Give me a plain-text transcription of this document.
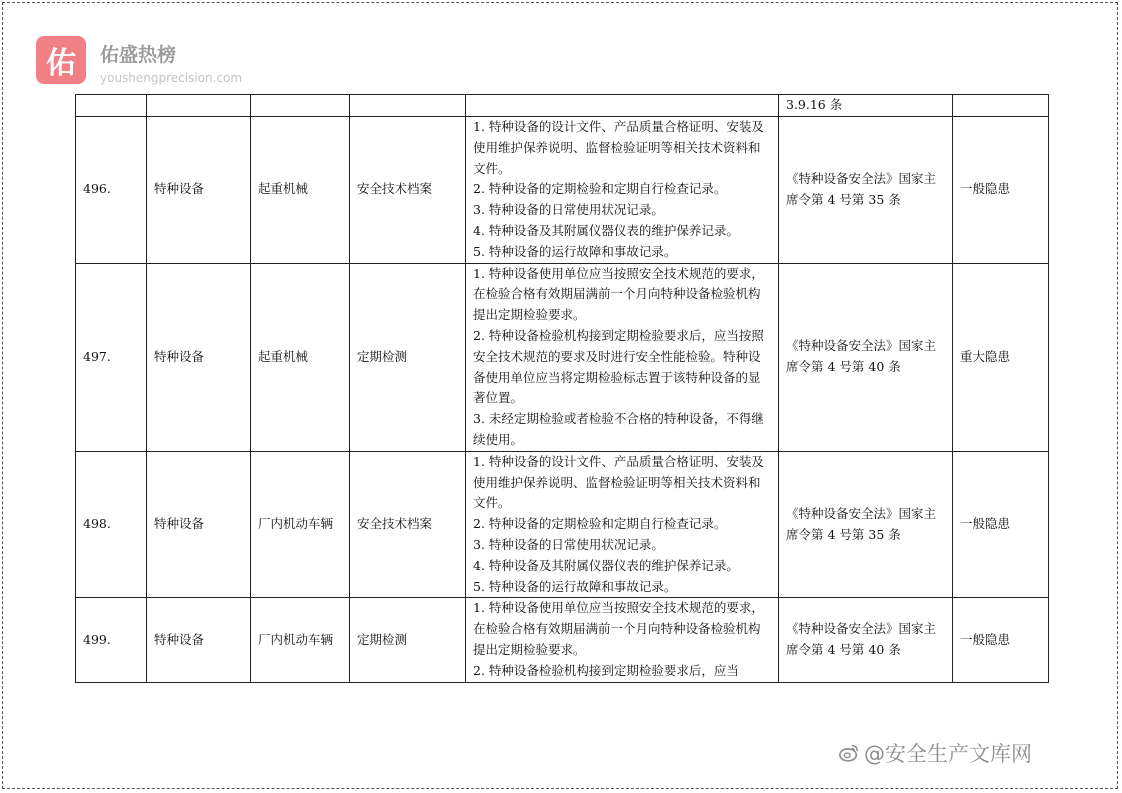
佑 佑盛热榜
youshengprecision.com
					3.9.16 条	
496.	特种设备	起重机械	安全技术档案	1. 特种设备的设计文件、产品质量合格证明、安装及使用维护保养说明、监督检验证明等相关技术资料和文件。
2. 特种设备的定期检验和定期自行检查记录。
3. 特种设备的日常使用状况记录。
4. 特种设备及其附属仪器仪表的维护保养记录。
5. 特种设备的运行故障和事故记录。	《特种设备安全法》国家主席令第 4 号第 35 条	一般隐患
497.	特种设备	起重机械	定期检测	1. 特种设备使用单位应当按照安全技术规范的要求，在检验合格有效期届满前一个月向特种设备检验机构提出定期检验要求。
2. 特种设备检验机构接到定期检验要求后，应当按照安全技术规范的要求及时进行安全性能检验。特种设备使用单位应当将定期检验标志置于该特种设备的显著位置。
3. 未经定期检验或者检验不合格的特种设备，不得继续使用。	《特种设备安全法》国家主席令第 4 号第 40 条	重大隐患
498.	特种设备	厂内机动车辆	安全技术档案	1. 特种设备的设计文件、产品质量合格证明、安装及使用维护保养说明、监督检验证明等相关技术资料和文件。
2. 特种设备的定期检验和定期自行检查记录。
3. 特种设备的日常使用状况记录。
4. 特种设备及其附属仪器仪表的维护保养记录。
5. 特种设备的运行故障和事故记录。	《特种设备安全法》国家主席令第 4 号第 35 条	一般隐患
499.	特种设备	厂内机动车辆	定期检测	1. 特种设备使用单位应当按照安全技术规范的要求，在检验合格有效期届满前一个月向特种设备检验机构提出定期检验要求。
2. 特种设备检验机构接到定期检验要求后，应当	《特种设备安全法》国家主席令第 4 号第 40 条	一般隐患
@安全生产文库网
